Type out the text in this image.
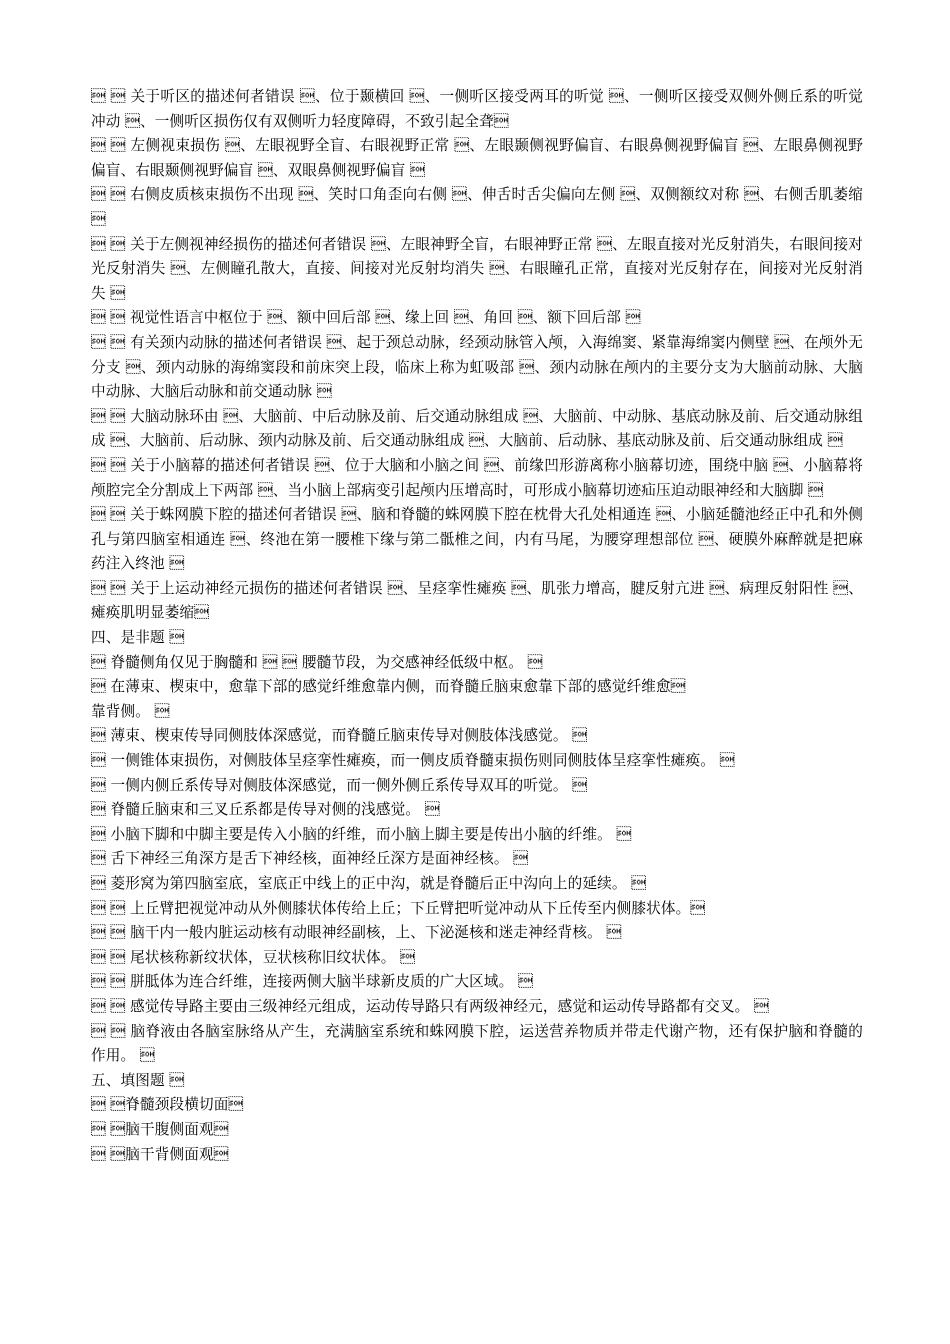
  关于听区的描述何者错误 、位于颞横回 、一侧听区接受两耳的听觉 、一侧听区接受双侧外侧丘系的听觉冲动 、一侧听区损伤仅有双侧听力轻度障碍，不致引起全聋

  左侧视束损伤 、左眼视野全盲、右眼视野正常 、左眼颞侧视野偏盲、右眼鼻侧视野偏盲 、左眼鼻侧视野偏盲、右眼颞侧视野偏盲 、双眼鼻侧视野偏盲 

  右侧皮质核束损伤不出现 、笑时口角歪向右侧 、伸舌时舌尖偏向左侧 、双侧额纹对称 、右侧舌肌萎缩 

  关于左侧视神经损伤的描述何者错误 、左眼神野全盲，右眼神野正常 、左眼直接对光反射消失，右眼间接对光反射消失 、左侧瞳孔散大，直接、间接对光反射均消失 、右眼瞳孔正常，直接对光反射存在，间接对光反射消失 

  视觉性语言中枢位于 、额中回后部 、缘上回 、角回 、额下回后部 

  有关颈内动脉的描述何者错误 、起于颈总动脉，经颈动脉管入颅，入海绵窦、紧靠海绵窦内侧壁 、在颅外无分支 、颈内动脉的海绵窦段和前床突上段，临床上称为虹吸部 、颈内动脉在颅内的主要分支为大脑前动脉、大脑中动脉、大脑后动脉和前交通动脉 

  大脑动脉环由 、大脑前、中后动脉及前、后交通动脉组成 、大脑前、中动脉、基底动脉及前、后交通动脉组成 、大脑前、后动脉、颈内动脉及前、后交通动脉组成 、大脑前、后动脉、基底动脉及前、后交通动脉组成 

  关于小脑幕的描述何者错误 、位于大脑和小脑之间 、前缘凹形游离称小脑幕切迹，围绕中脑 、小脑幕将颅腔完全分割成上下两部 、当小脑上部病变引起颅内压增高时，可形成小脑幕切迹疝压迫动眼神经和大脑脚 

  关于蛛网膜下腔的描述何者错误 、脑和脊髓的蛛网膜下腔在枕骨大孔处相通连 、小脑延髓池经正中孔和外侧孔与第四脑室相通连 、终池在第一腰椎下缘与第二骶椎之间，内有马尾，为腰穿理想部位 、硬膜外麻醉就是把麻药注入终池 

  关于上运动神经元损伤的描述何者错误 、呈痉挛性瘫痪 、肌张力增高，腱反射亢进 、病理反射阳性 、瘫痪肌明显萎缩

四、是非题 

 脊髓侧角仅见于胸髓和   腰髓节段，为交感神经低级中枢。 

 在薄束、楔束中，愈靠下部的感觉纤维愈靠内侧，而脊髓丘脑束愈靠下部的感觉纤维愈

靠背侧。 

 薄束、楔束传导同侧肢体深感觉，而脊髓丘脑束传导对侧肢体浅感觉。 

 一侧锥体束损伤，对侧肢体呈痉挛性瘫痪，而一侧皮质脊髓束损伤则同侧肢体呈痉挛性瘫痪。 

 一侧内侧丘系传导对侧肢体深感觉，而一侧外侧丘系传导双耳的听觉。 

 脊髓丘脑束和三叉丘系都是传导对侧的浅感觉。 

 小脑下脚和中脚主要是传入小脑的纤维，而小脑上脚主要是传出小脑的纤维。 

 舌下神经三角深方是舌下神经核，面神经丘深方是面神经核。 

 菱形窝为第四脑室底，室底正中线上的正中沟，就是脊髓后正中沟向上的延续。 

  上丘臂把视觉冲动从外侧膝状体传给上丘；下丘臂把听觉冲动从下丘传至内侧膝状体。

  脑干内一般内脏运动核有动眼神经副核，上、下泌涎核和迷走神经背核。 

  尾状核称新纹状体，豆状核称旧纹状体。 

  胼胝体为连合纤维，连接两侧大脑半球新皮质的广大区域。 

  感觉传导路主要由三级神经元组成，运动传导路只有两级神经元，感觉和运动传导路都有交叉。 

  脑脊液由各脑室脉络从产生，充满脑室系统和蛛网膜下腔，运送营养物质并带走代谢产物，还有保护脑和脊髓的作用。 

五、填图题 

 脊髓颈段横切面

 脑干腹侧面观

 脑干背侧面观
